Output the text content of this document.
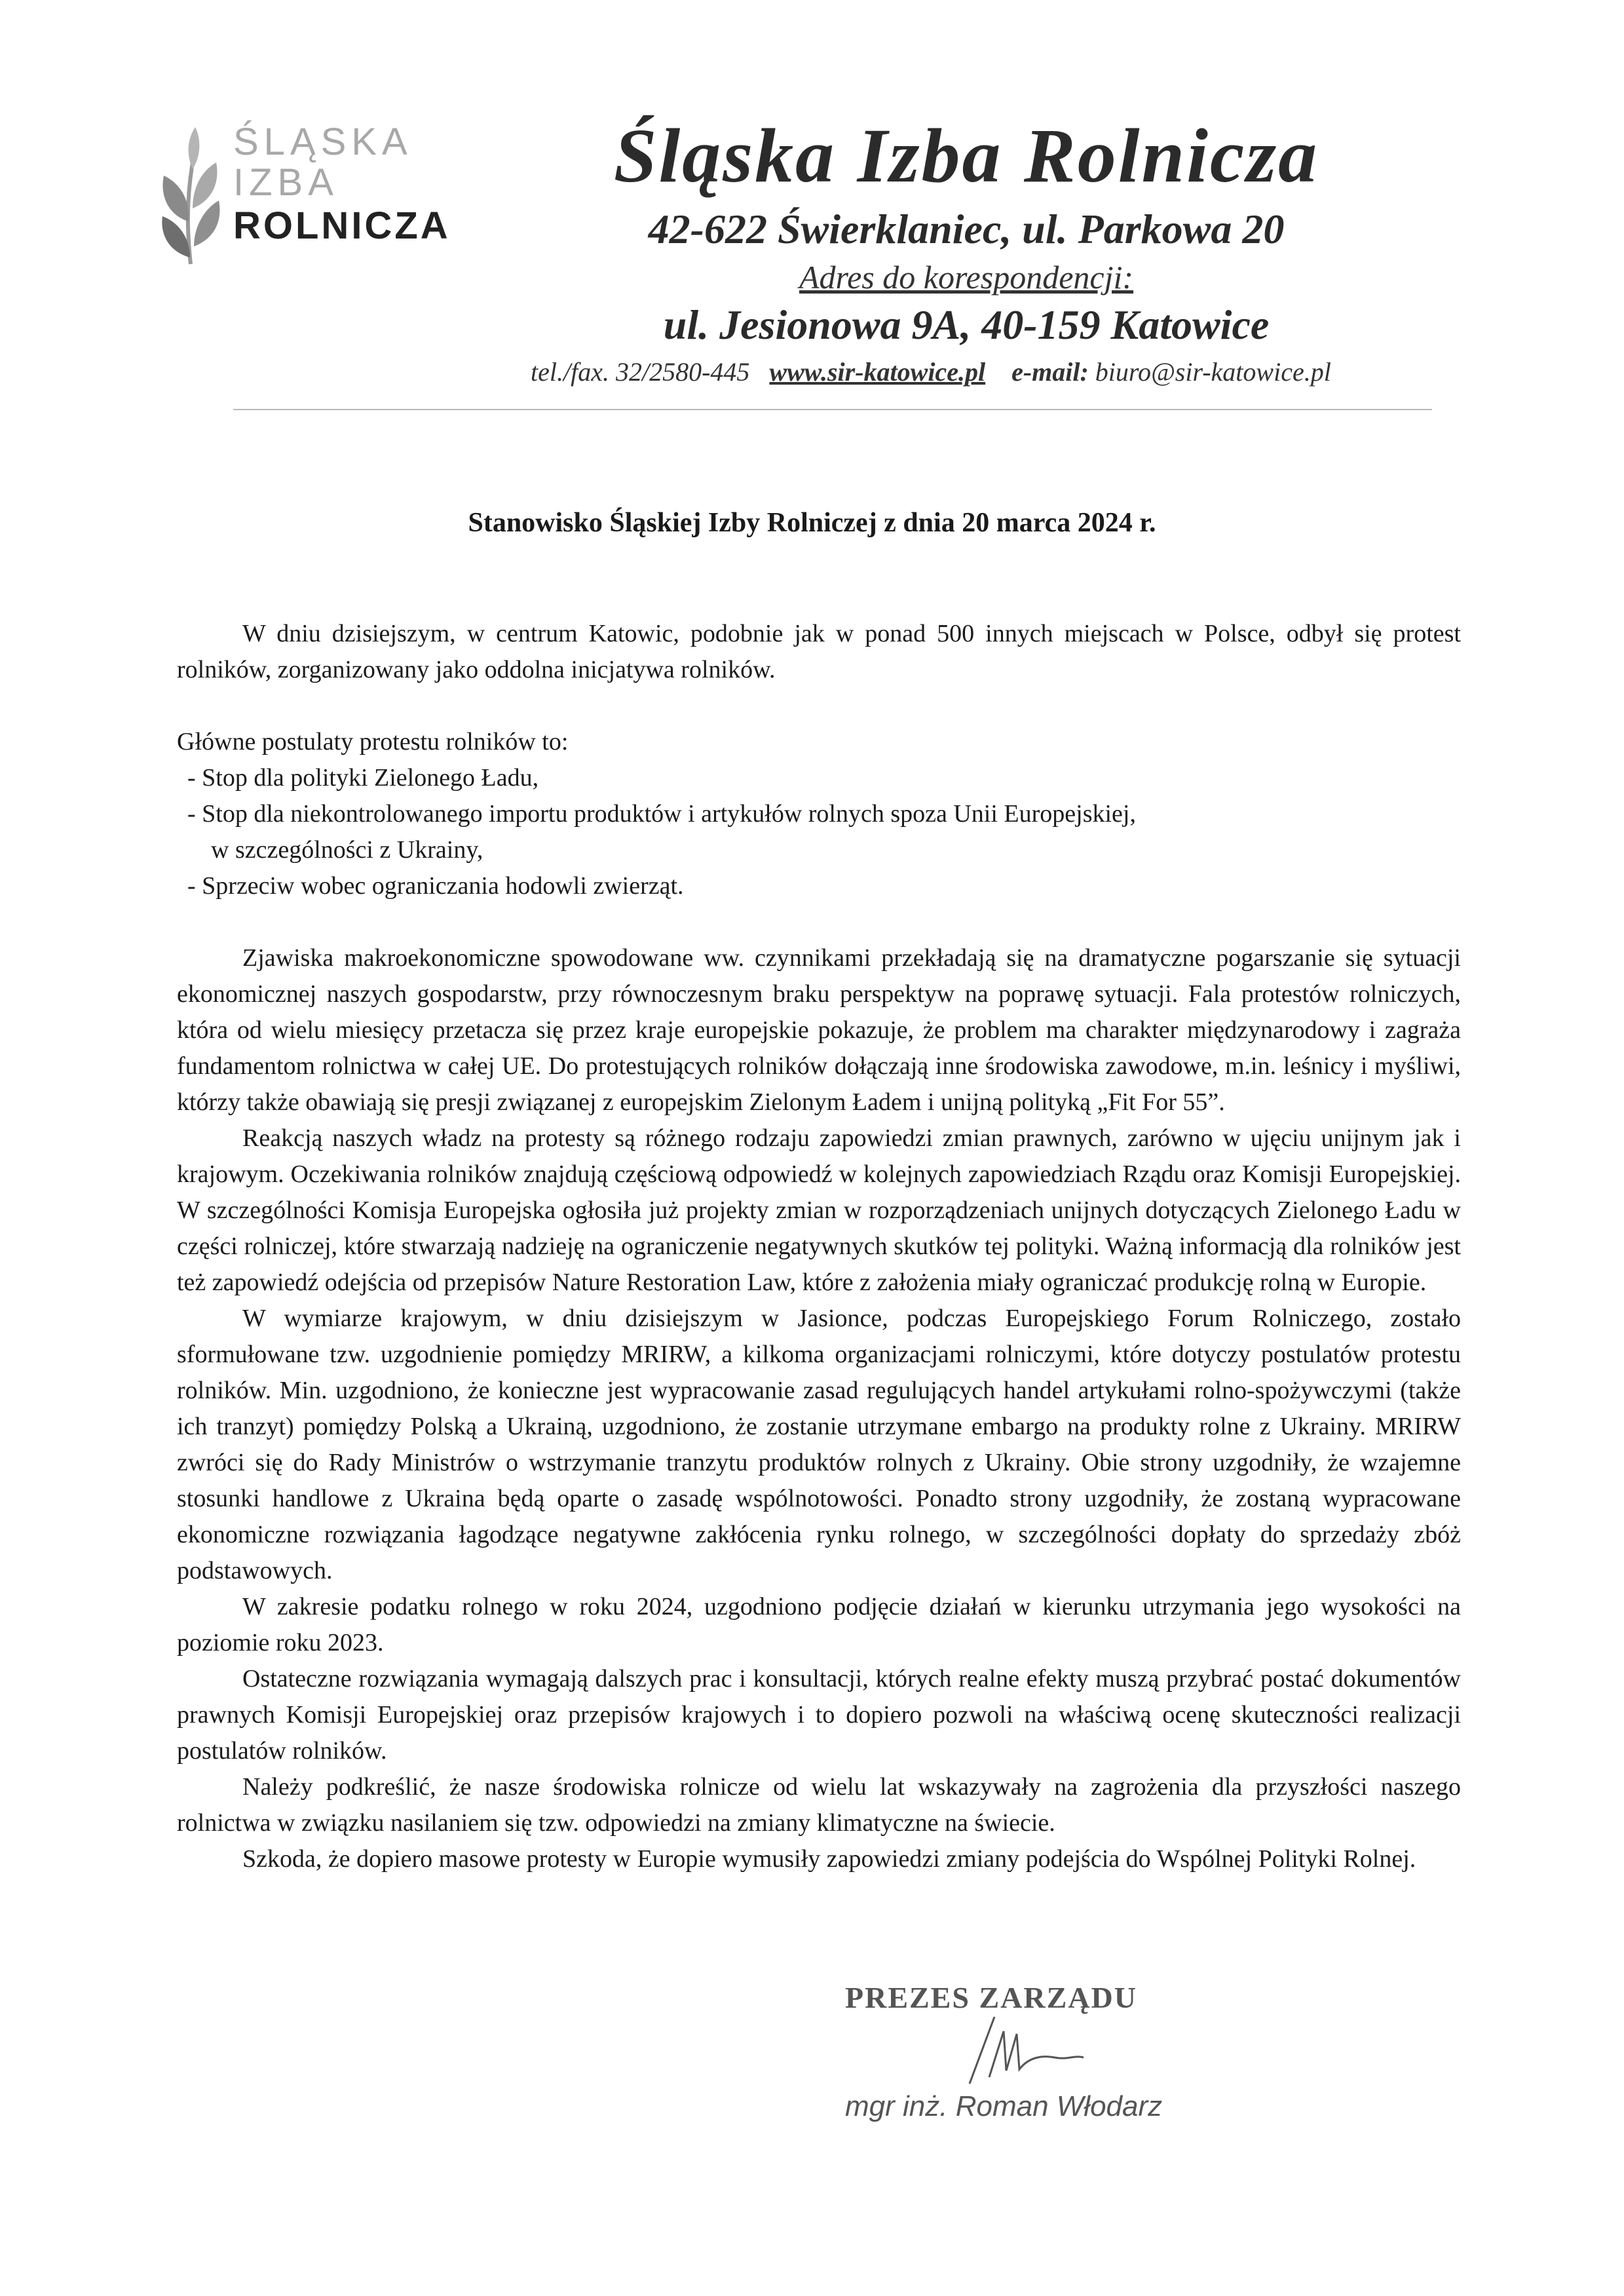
ŚLĄSKA
IZBA
ROLNICZA
Śląska Izba Rolnicza
42-622 Świerklaniec, ul. Parkowa 20
Adres do korespondencji:
ul. Jesionowa 9A, 40-159 Katowice
tel./fax. 32/2580-445 www.sir-katowice.pl e-mail: biuro@sir-katowice.pl
Stanowisko Śląskiej Izby Rolniczej z dnia 20 marca 2024 r.

W dniu dzisiejszym, w centrum Katowic, podobnie jak w ponad 500 innych miejscach w Polsce, odbył się protest rolników, zorganizowany jako oddolna inicjatywa rolników.

Główne postulaty protestu rolników to:

- Stop dla polityki Zielonego Ładu,

- Stop dla niekontrolowanego importu produktów i artykułów rolnych spoza Unii Europejskiej,

w szczególności z Ukrainy,

- Sprzeciw wobec ograniczania hodowli zwierząt.

Zjawiska makroekonomiczne spowodowane ww. czynnikami przekładają się na dramatyczne pogarszanie się sytuacji ekonomicznej naszych gospodarstw, przy równoczesnym braku perspektyw na poprawę sytuacji. Fala protestów rolniczych, która od wielu miesięcy przetacza się przez kraje europejskie pokazuje, że problem ma charakter międzynarodowy i zagraża fundamentom rolnictwa w całej UE. Do protestujących rolników dołączają inne środowiska zawodowe, m.in. leśnicy i myśliwi, którzy także obawiają się presji związanej z europejskim Zielonym Ładem i unijną polityką „Fit For 55”.

Reakcją naszych władz na protesty są różnego rodzaju zapowiedzi zmian prawnych, zarówno w ujęciu unijnym jak i krajowym. Oczekiwania rolników znajdują częściową odpowiedź w kolejnych zapowiedziach Rządu oraz Komisji Europejskiej. W szczególności Komisja Europejska ogłosiła już projekty zmian w rozporządzeniach unijnych dotyczących Zielonego Ładu w części rolniczej, które stwarzają nadzieję na ograniczenie negatywnych skutków tej polityki. Ważną informacją dla rolników jest też zapowiedź odejścia od przepisów Nature Restoration Law, które z założenia miały ograniczać produkcję rolną w Europie.

W wymiarze krajowym, w dniu dzisiejszym w Jasionce, podczas Europejskiego Forum Rolniczego, zostało sformułowane tzw. uzgodnienie pomiędzy MRIRW, a kilkoma organizacjami rolniczymi, które dotyczy postulatów protestu rolników. Min. uzgodniono, że konieczne jest wypracowanie zasad regulujących handel artykułami rolno-spożywczymi (także ich tranzyt) pomiędzy Polską a Ukrainą, uzgodniono, że zostanie utrzymane embargo na produkty rolne z Ukrainy. MRIRW zwróci się do Rady Ministrów o wstrzymanie tranzytu produktów rolnych z Ukrainy. Obie strony uzgodniły, że wzajemne stosunki handlowe z Ukraina będą oparte o zasadę wspólnotowości. Ponadto strony uzgodniły, że zostaną wypracowane ekonomiczne rozwiązania łagodzące negatywne zakłócenia rynku rolnego, w szczególności dopłaty do sprzedaży zbóż podstawowych.

W zakresie podatku rolnego w roku 2024, uzgodniono podjęcie działań w kierunku utrzymania jego wysokości na poziomie roku 2023.

Ostateczne rozwiązania wymagają dalszych prac i konsultacji, których realne efekty muszą przybrać postać dokumentów prawnych Komisji Europejskiej oraz przepisów krajowych i to dopiero pozwoli na właściwą ocenę skuteczności realizacji postulatów rolników.

Należy podkreślić, że nasze środowiska rolnicze od wielu lat wskazywały na zagrożenia dla przyszłości naszego rolnictwa w związku nasilaniem się tzw. odpowiedzi na zmiany klimatyczne na świecie.

Szkoda, że dopiero masowe protesty w Europie wymusiły zapowiedzi zmiany podejścia do Wspólnej Polityki Rolnej.

PREZES ZARZĄDU
mgr inż. Roman Włodarz
